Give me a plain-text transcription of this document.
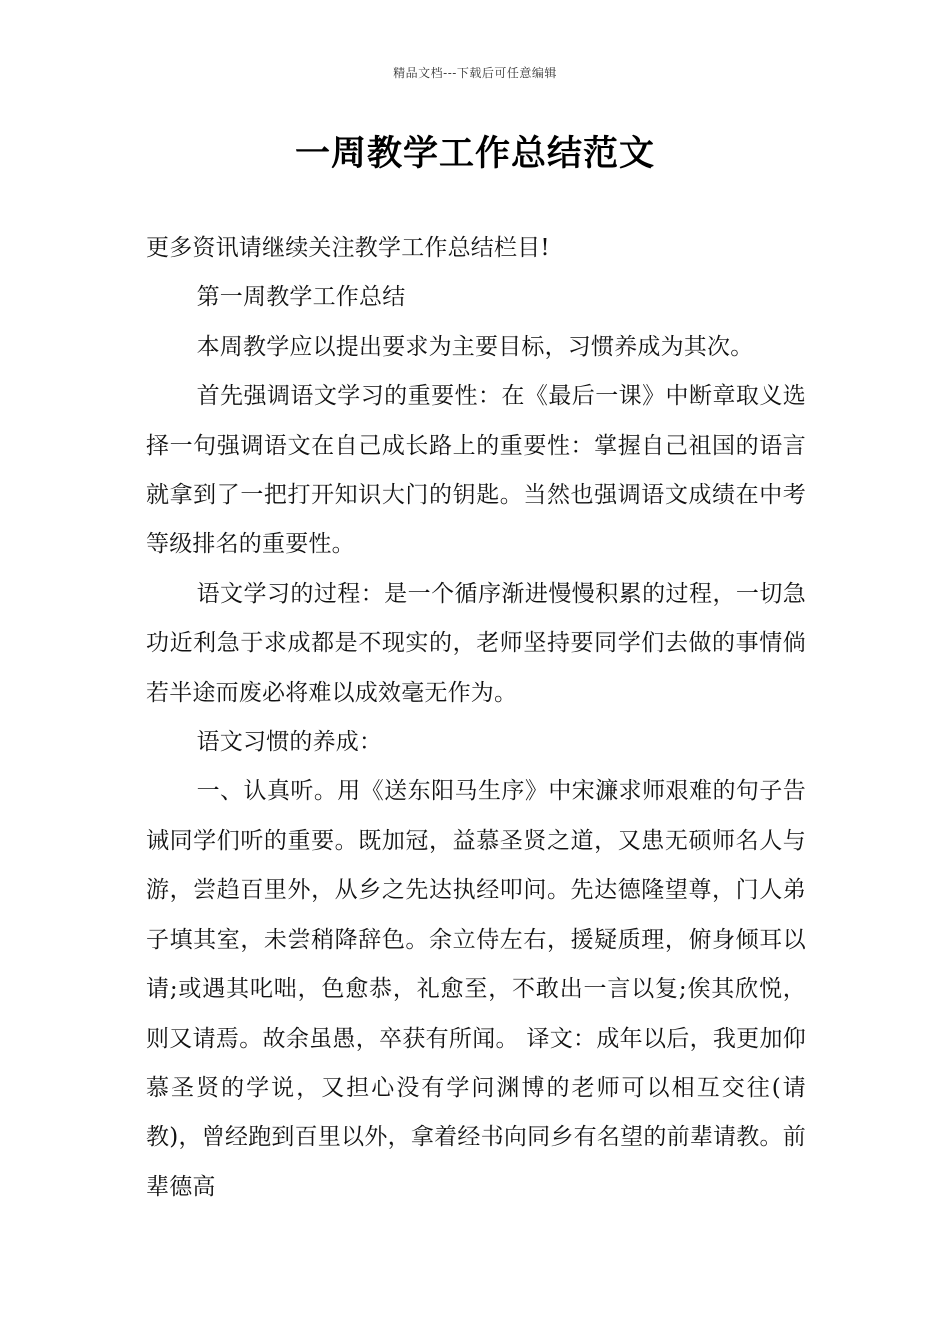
精品文档---下载后可任意编辑
一周教学工作总结范文

更多资讯请继续关注教学工作总结栏目!

第一周教学工作总结

本周教学应以提出要求为主要目标，习惯养成为其次。

首先强调语文学习的重要性：在《最后一课》中断章取义选择一句强调语文在自己成长路上的重要性：掌握自己祖国的语言就拿到了一把打开知识大门的钥匙。当然也强调语文成绩在中考等级排名的重要性。

语文学习的过程：是一个循序渐进慢慢积累的过程，一切急功近利急于求成都是不现实的，老师坚持要同学们去做的事情倘若半途而废必将难以成效毫无作为。

语文习惯的养成：

一、认真听。用《送东阳马生序》中宋濂求师艰难的句子告诫同学们听的重要。既加冠，益慕圣贤之道，又患无硕师名人与游，尝趋百里外，从乡之先达执经叩问。先达德隆望尊，门人弟子填其室，未尝稍降辞色。余立侍左右，援疑质理，俯身倾耳以请;或遇其叱咄，色愈恭，礼愈至，不敢出一言以复;俟其欣悦，则又请焉。故余虽愚，卒获有所闻。 译文：成年以后，我更加仰慕圣贤的学说，又担心没有学问渊博的老师可以相互交往(请教)，曾经跑到百里以外，拿着经书向同乡有名望的前辈请教。前辈德高
